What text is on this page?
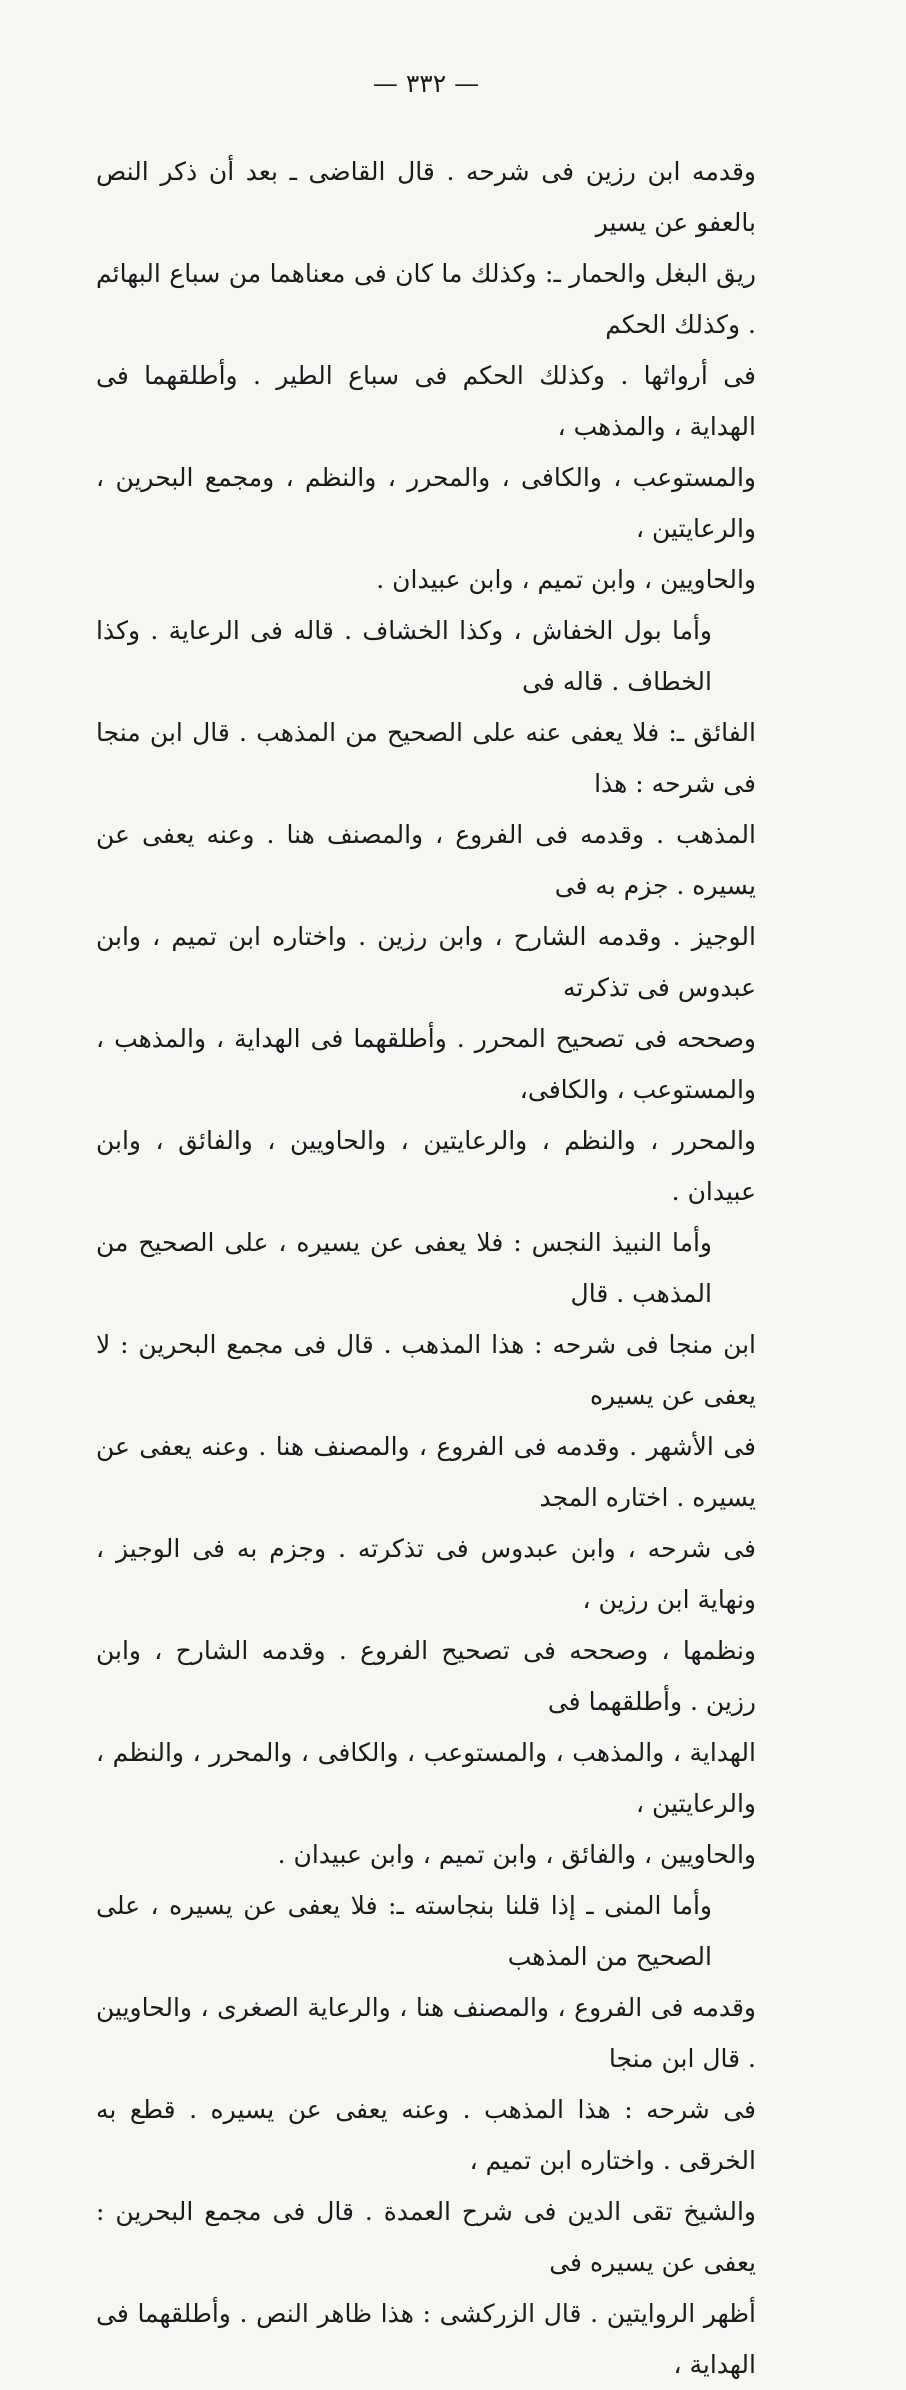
— ٣٣٢ —

وقدمه ابن رزين فى شرحه . قال القاضى ـ بعد أن ذكر النص بالعفو عن يسير
ريق البغل والحمار ـ: وكذلك ما كان فى معناهما من سباع البهائم . وكذلك الحكم
فى أرواثها . وكذلك الحكم فى سباع الطير . وأطلقهما فى الهداية ، والمذهب ،
والمستوعب ، والكافى ، والمحرر ، والنظم ، ومجمع البحرين ، والرعايتين ،
والحاويين ، وابن تميم ، وابن عبيدان .

وأما بول الخفاش ، وكذا الخشاف . قاله فى الرعاية . وكذا الخطاف . قاله فى
الفائق ـ: فلا يعفى عنه على الصحيح من المذهب . قال ابن منجا فى شرحه : هذا
المذهب . وقدمه فى الفروع ، والمصنف هنا . وعنه يعفى عن يسيره . جزم به فى
الوجيز . وقدمه الشارح ، وابن رزين . واختاره ابن تميم ، وابن عبدوس فى تذكرته
وصححه فى تصحيح المحرر . وأطلقهما فى الهداية ، والمذهب ، والمستوعب ، والكافى،
والمحرر ، والنظم ، والرعايتين ، والحاويين ، والفائق ، وابن عبيدان .

وأما النبيذ النجس : فلا يعفى عن يسيره ، على الصحيح من المذهب . قال
ابن منجا فى شرحه : هذا المذهب . قال فى مجمع البحرين : لا يعفى عن يسيره
فى الأشهر . وقدمه فى الفروع ، والمصنف هنا . وعنه يعفى عن يسيره . اختاره المجد
فى شرحه ، وابن عبدوس فى تذكرته . وجزم به فى الوجيز ، ونهاية ابن رزين ،
ونظمها ، وصححه فى تصحيح الفروع . وقدمه الشارح ، وابن رزين . وأطلقهما فى
الهداية ، والمذهب ، والمستوعب ، والكافى ، والمحرر ، والنظم ، والرعايتين ،
والحاويين ، والفائق ، وابن تميم ، وابن عبيدان .

وأما المنى ـ إذا قلنا بنجاسته ـ: فلا يعفى عن يسيره ، على الصحيح من المذهب
وقدمه فى الفروع ، والمصنف هنا ، والرعاية الصغرى ، والحاويين . قال ابن منجا
فى شرحه : هذا المذهب . وعنه يعفى عن يسيره . قطع به الخرقى . واختاره ابن تميم ،
والشيخ تقى الدين فى شرح العمدة . قال فى مجمع البحرين : يعفى عن يسيره فى
أظهر الروايتين . قال الزركشى : هذا ظاهر النص . وأطلقهما فى الهداية ،
